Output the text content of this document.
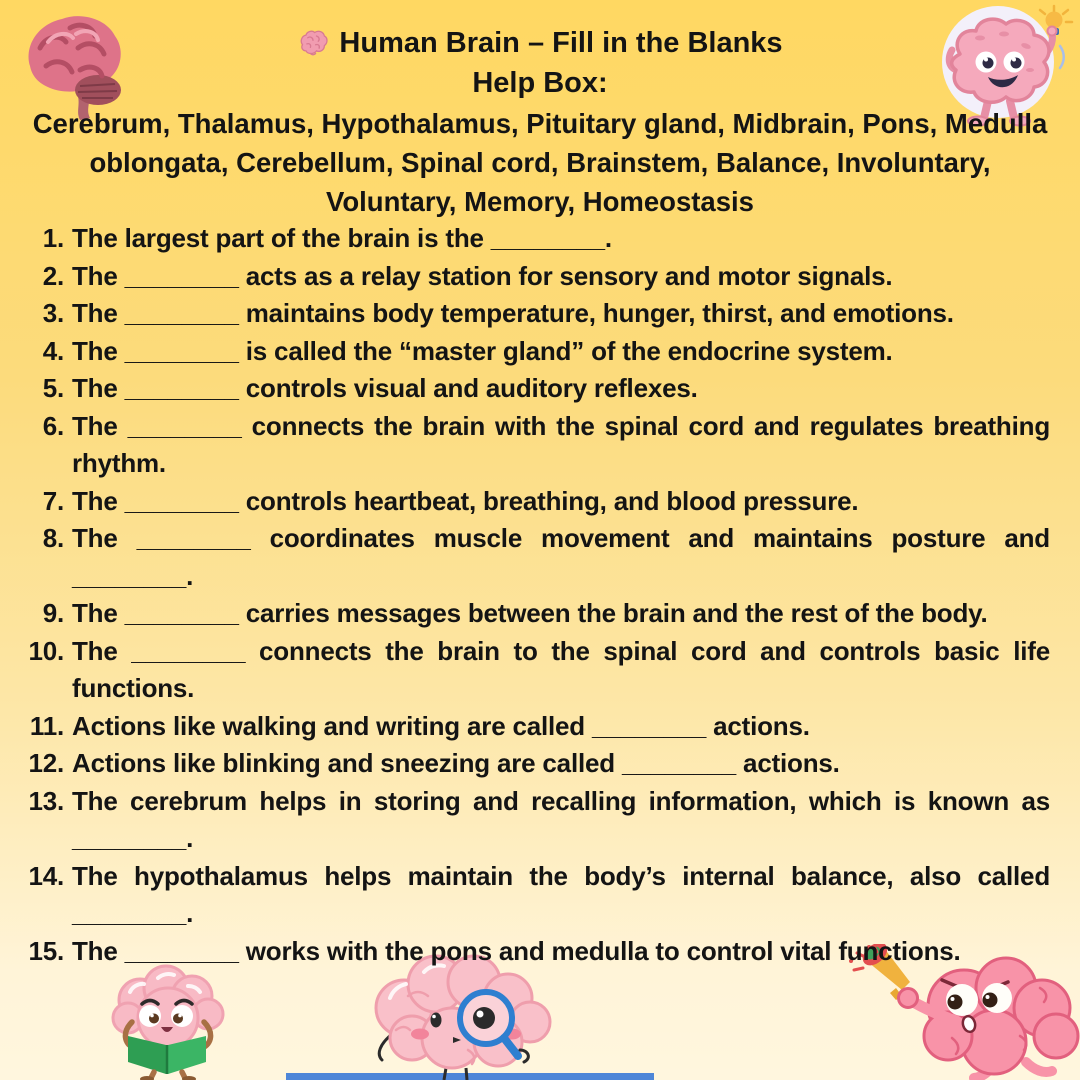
Human Brain – Fill in the Blanks
Help Box:
Cerebrum, Thalamus, Hypothalamus, Pituitary gland, Midbrain, Pons, Medulla oblongata, Cerebellum, Spinal cord, Brainstem, Balance, Involuntary, Voluntary, Memory, Homeostasis
1. The largest part of the brain is the ________.
2. The ________ acts as a relay station for sensory and motor signals.
3. The ________ maintains body temperature, hunger, thirst, and emotions.
4. The ________ is called the “master gland” of the endocrine system.
5. The ________ controls visual and auditory reflexes.
6. The ________ connects the brain with the spinal cord and regulates breathing rhythm.
7. The ________ controls heartbeat, breathing, and blood pressure.
8. The ________ coordinates muscle movement and maintains posture and ________.
9. The ________ carries messages between the brain and the rest of the body.
10. The ________ connects the brain to the spinal cord and controls basic life functions.
11. Actions like walking and writing are called ________ actions.
12. Actions like blinking and sneezing are called ________ actions.
13. The cerebrum helps in storing and recalling information, which is known as ________.
14. The hypothalamus helps maintain the body’s internal balance, also called ________.
15. The ________ works with the pons and medulla to control vital functions.
